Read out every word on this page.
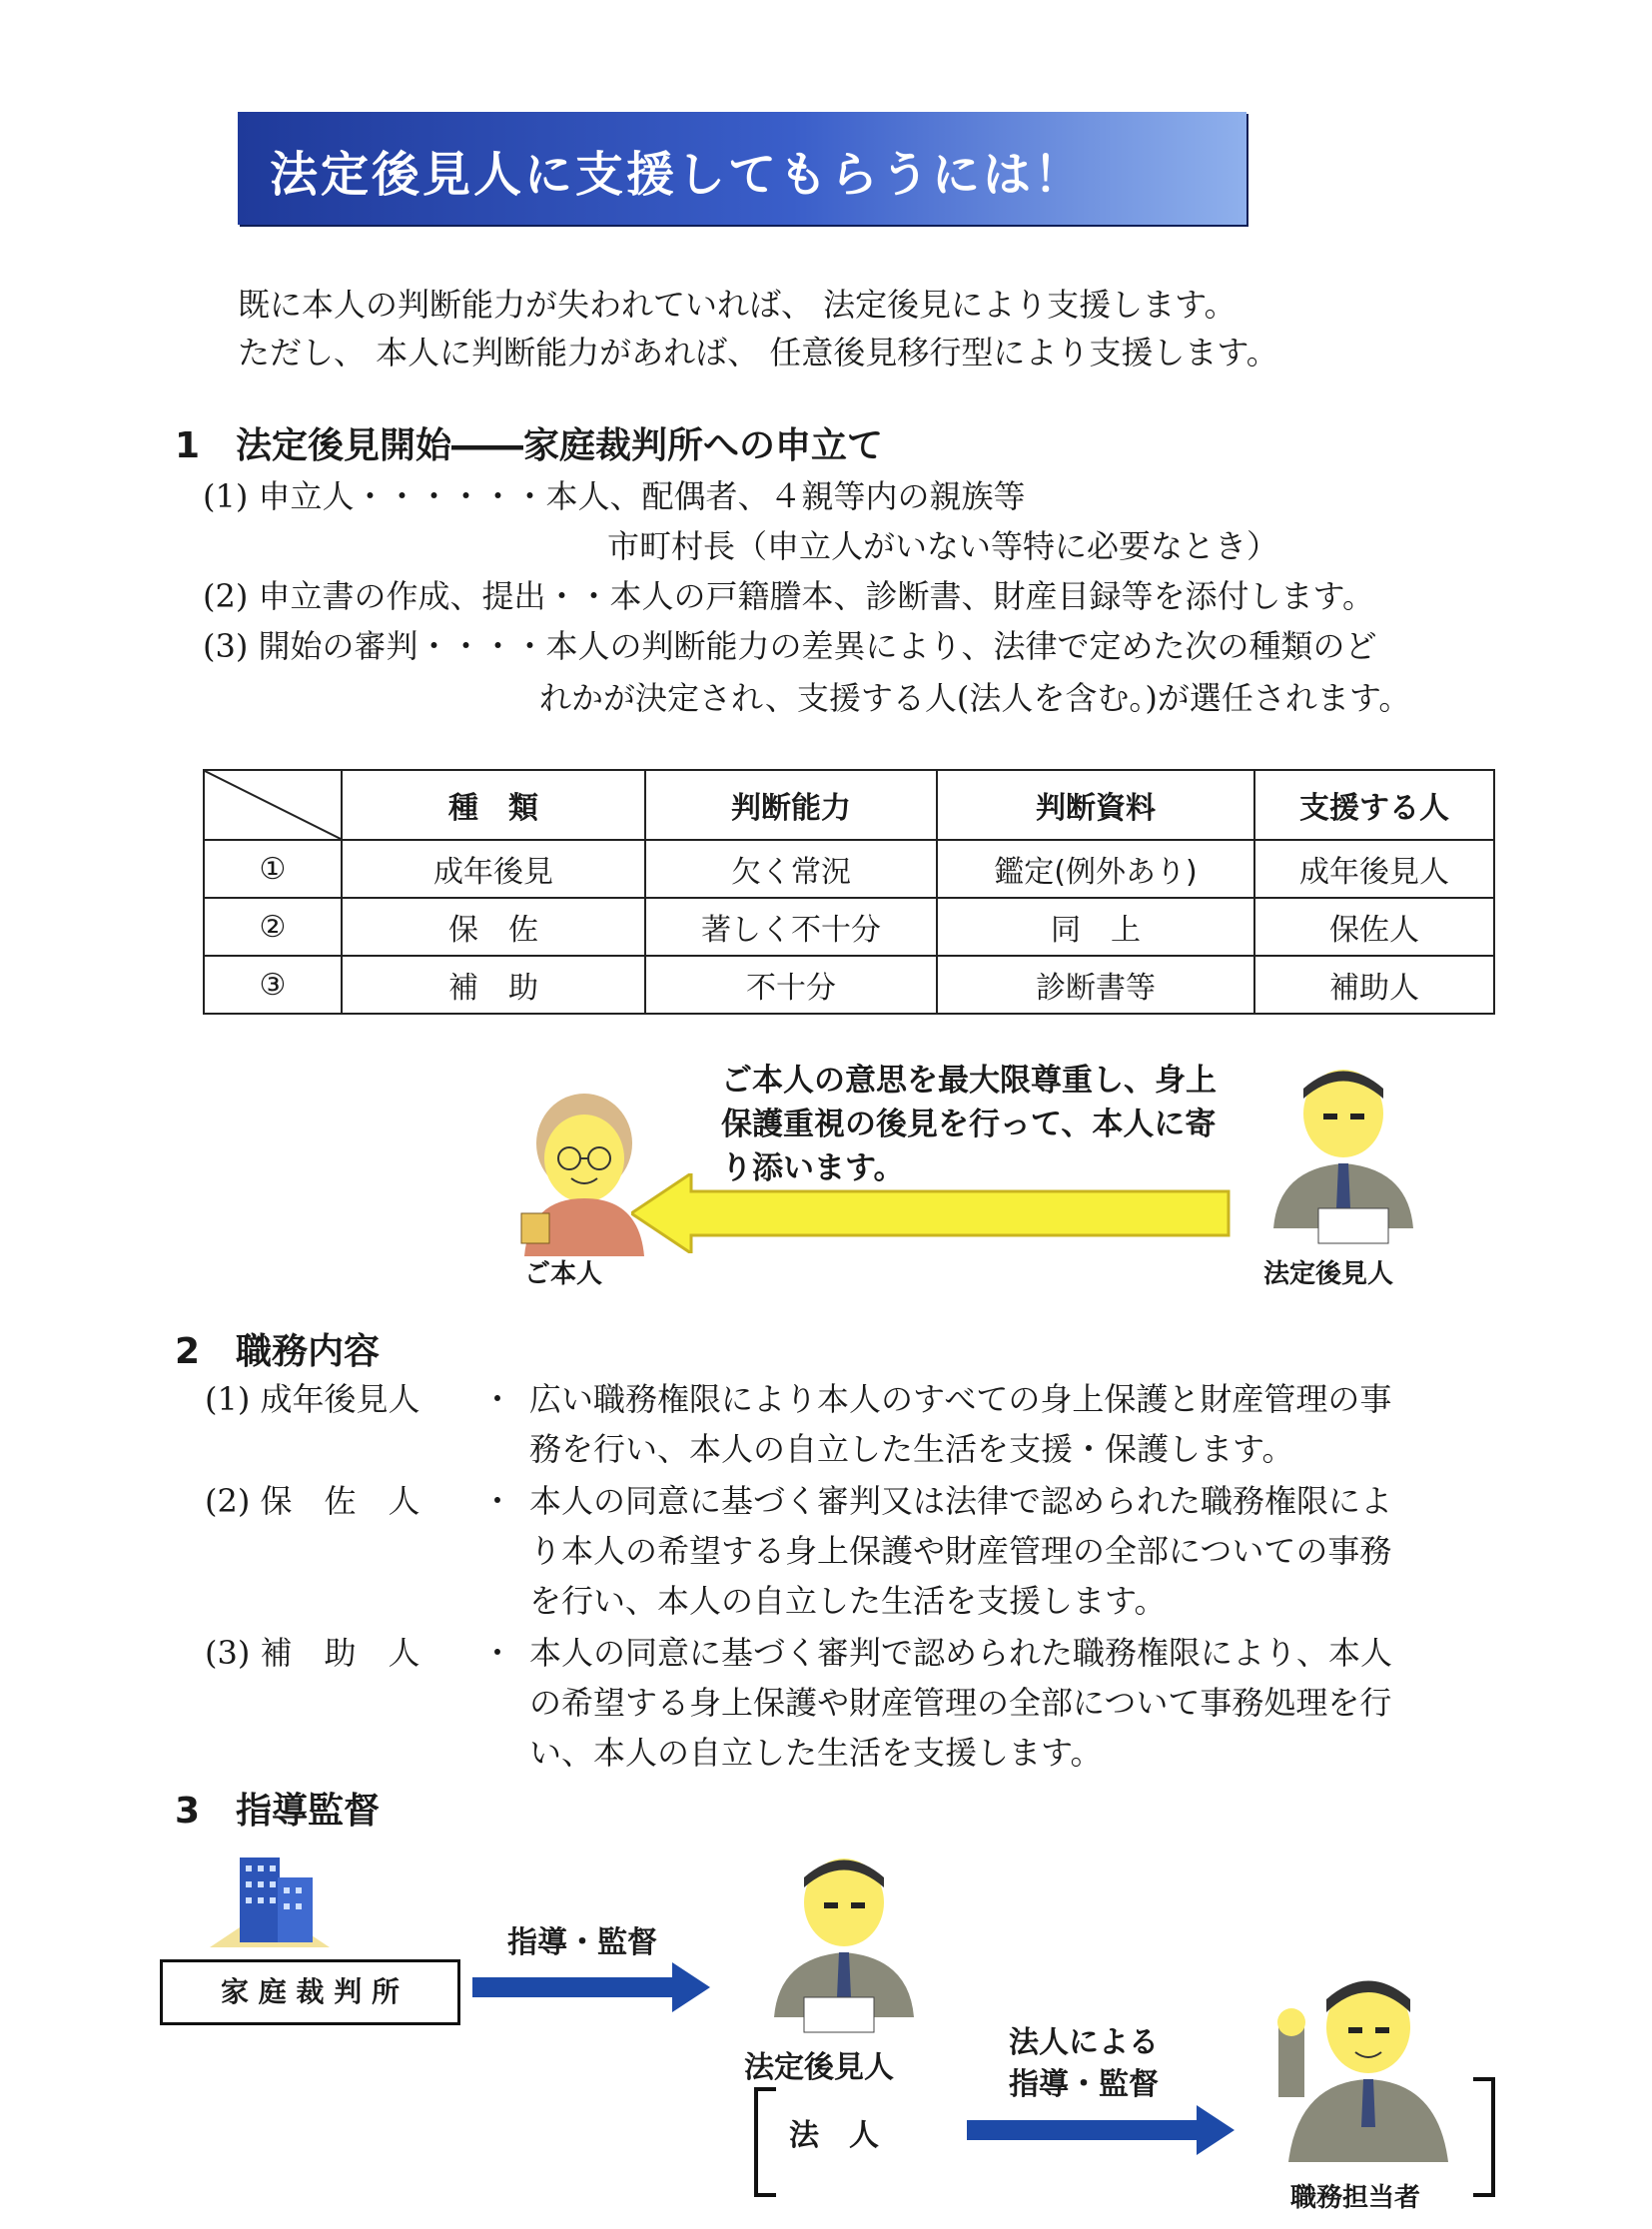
法定後見人に支援してもらうには！
既に本人の判断能力が失われていれば、 法定後見により支援します。
ただし、 本人に判断能力があれば、 任意後見移行型により支援します。
1　法定後見開始――家庭裁判所への申立て
(1) 申立人・・・・・・本人、配偶者、４親等内の親族等
市町村長（申立人がいない等特に必要なとき）
(2) 申立書の作成、提出・・本人の戸籍謄本、診断書、財産目録等を添付します。
(3) 開始の審判・・・・本人の判断能力の差異により、法律で定めた次の種類のど
れかが決定され、支援する人(法人を含む。)が選任されます。
	種　類	判断能力	判断資料	支援する人
①	成年後見	欠く常況	鑑定(例外あり)	成年後見人
②	保　佐	著しく不十分	同　上	保佐人
③	補　助	不十分	診断書等	補助人
ご本人の意思を最大限尊重し、身上
保護重視の後見を行って、本人に寄
り添います。
ご本人	法定後見人
2　職務内容
(1) 成年後見人 ・ 広い職務権限により本人のすべての身上保護と財産管理の事
務を行い、本人の自立した生活を支援・保護します。
(2) 保　佐　人 ・ 本人の同意に基づく審判又は法律で認められた職務権限によ
り本人の希望する身上保護や財産管理の全部についての事務
を行い、本人の自立した生活を支援します。
(3) 補　助　人 ・ 本人の同意に基づく審判で認められた職務権限により、本人
の希望する身上保護や財産管理の全部について事務処理を行
い、本人の自立した生活を支援します。
3　指導監督
家 庭 裁 判 所
指導・監督
法定後見人
法　人
法人による
指導・監督
職務担当者
